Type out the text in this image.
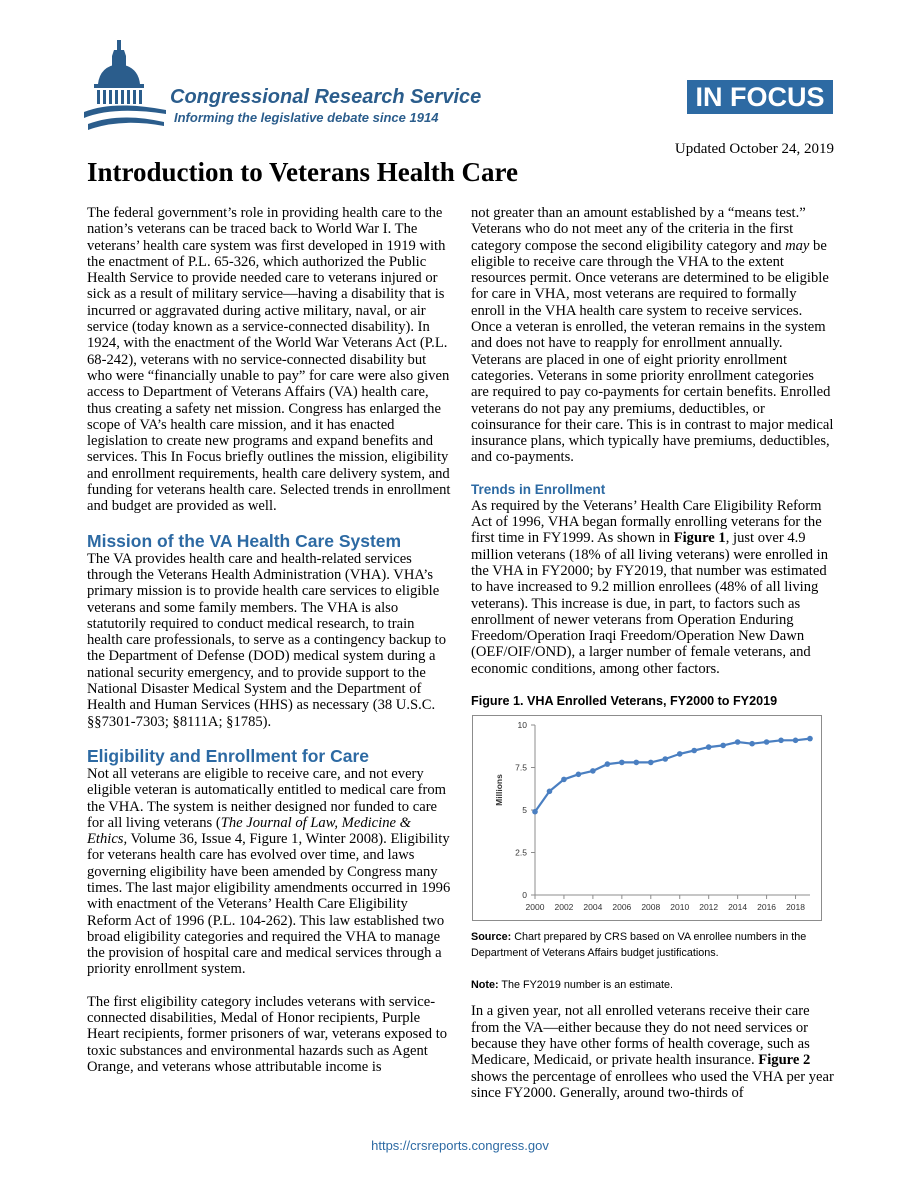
Congressional Research Service
Informing the legislative debate since 1914
IN FOCUS
Updated October 24, 2019
Introduction to Veterans Health Care

The federal government’s role in providing health care to the nation’s veterans can be traced back to World War I. The veterans’ health care system was first developed in 1919 with the enactment of P.L. 65-326, which authorized the Public Health Service to provide needed care to veterans injured or sick as a result of military service—having a disability that is incurred or aggravated during active military, naval, or air service (today known as a service-connected disability). In 1924, with the enactment of the World War Veterans Act (P.L. 68-242), veterans with no service-connected disability but who were “financially unable to pay” for care were also given access to Department of Veterans Affairs (VA) health care, thus creating a safety net mission. Congress has enlarged the scope of VA’s health care mission, and it has enacted legislation to create new programs and expand benefits and services. This In Focus briefly outlines the mission, eligibility and enrollment requirements, health care delivery system, and funding for veterans health care. Selected trends in enrollment and budget are provided as well.

Mission of the VA Health Care System

The VA provides health care and health-related services through the Veterans Health Administration (VHA). VHA’s primary mission is to provide health care services to eligible veterans and some family members. The VHA is also statutorily required to conduct medical research, to train health care professionals, to serve as a contingency backup to the Department of Defense (DOD) medical system during a national security emergency, and to provide support to the National Disaster Medical System and the Department of Health and Human Services (HHS) as necessary (38 U.S.C. §§7301-7303; §8111A; §1785).

Eligibility and Enrollment for Care

Not all veterans are eligible to receive care, and not every eligible veteran is automatically entitled to medical care from the VHA. The system is neither designed nor funded to care for all living veterans (The Journal of Law, Medicine & Ethics, Volume 36, Issue 4, Figure 1, Winter 2008). Eligibility for veterans health care has evolved over time, and laws governing eligibility have been amended by Congress many times. The last major eligibility amendments occurred in 1996 with enactment of the Veterans’ Health Care Eligibility Reform Act of 1996 (P.L. 104-262). This law established two broad eligibility categories and required the VHA to manage the provision of hospital care and medical services through a priority enrollment system.

The first eligibility category includes veterans with service-connected disabilities, Medal of Honor recipients, Purple Heart recipients, former prisoners of war, veterans exposed to toxic substances and environmental hazards such as Agent Orange, and veterans whose attributable income is

not greater than an amount established by a “means test.” Veterans who do not meet any of the criteria in the first category compose the second eligibility category and may be eligible to receive care through the VHA to the extent resources permit. Once veterans are determined to be eligible for care in VHA, most veterans are required to formally enroll in the VHA health care system to receive services. Once a veteran is enrolled, the veteran remains in the system and does not have to reapply for enrollment annually. Veterans are placed in one of eight priority enrollment categories. Veterans in some priority enrollment categories are required to pay co-payments for certain benefits. Enrolled veterans do not pay any premiums, deductibles, or coinsurance for their care. This is in contrast to major medical insurance plans, which typically have premiums, deductibles, and co-payments.

Trends in Enrollment

As required by the Veterans’ Health Care Eligibility Reform Act of 1996, VHA began formally enrolling veterans for the first time in FY1999. As shown in Figure 1, just over 4.9 million veterans (18% of all living veterans) were enrolled in the VHA in FY2000; by FY2019, that number was estimated to have increased to 9.2 million enrollees (48% of all living veterans). This increase is due, in part, to factors such as enrollment of newer veterans from Operation Enduring Freedom/Operation Iraqi Freedom/Operation New Dawn (OEF/OIF/OND), a larger number of female veterans, and economic conditions, among other factors.

Figure 1. VHA Enrolled Veterans, FY2000 to FY2019
0
2.5
5
7.5
10
2000 2002 2004 2006 2008 2010 2012 2014 2016 2018
Millions

Source: Chart prepared by CRS based on VA enrollee numbers in the Department of Veterans Affairs budget justifications.

Note: The FY2019 number is an estimate.

In a given year, not all enrolled veterans receive their care from the VA—either because they do not need services or because they have other forms of health coverage, such as Medicare, Medicaid, or private health insurance. Figure 2 shows the percentage of enrollees who used the VHA per year since FY2000. Generally, around two-thirds of

https://crsreports.congress.gov
